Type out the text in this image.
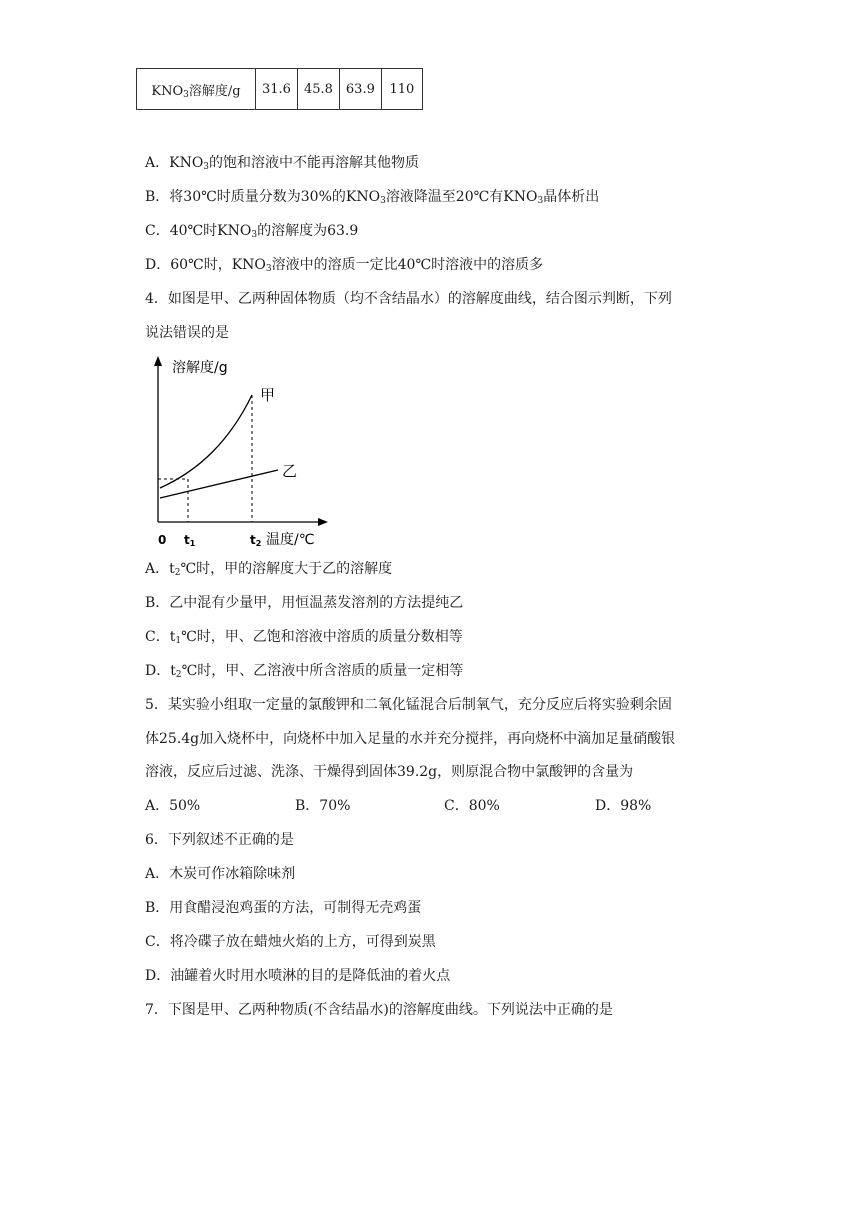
$KNO_3$溶解度/g	31.6	45.8	63.9	110
A．$KNO_3$的饱和溶液中不能再溶解其他物质
B．将30℃时质量分数为30%的$KNO_3$溶液降温至20℃有$KNO_3$晶体析出
C．40℃时$KNO_3$的溶解度为63.9
D．60℃时，$KNO_3$溶液中的溶质一定比40℃时溶液中的溶质多
4．如图是甲、乙两种固体物质（均不含结晶水）的溶解度曲线，结合图示判断，下列
说法错误的是
溶解度/g
温度/℃
0 t1	t2
甲
乙
A．$t_2℃$时，甲的溶解度大于乙的溶解度
B．乙中混有少量甲，用恒温蒸发溶剂的方法提纯乙
C．$t_1℃$时，甲、乙饱和溶液中溶质的质量分数相等
D．$t_2℃$时，甲、乙溶液中所含溶质的质量一定相等
5．某实验小组取一定量的氯酸钾和二氧化锰混合后制氧气，充分反应后将实验剩余固
体25.4g加入烧杯中，向烧杯中加入足量的水并充分搅拌，再向烧杯中滴加足量硝酸银
溶液，反应后过滤、洗涤、干燥得到固体39.2g，则原混合物中氯酸钾的含量为
A．50%	B．70%	C．80%	D．98%
6．下列叙述不正确的是
A．木炭可作冰箱除味剂
B．用食醋浸泡鸡蛋的方法，可制得无壳鸡蛋
C．将冷碟子放在蜡烛火焰的上方，可得到炭黑
D．油罐着火时用水喷淋的目的是降低油的着火点
7．下图是甲、乙两种物质(不含结晶水)的溶解度曲线。下列说法中正确的是
